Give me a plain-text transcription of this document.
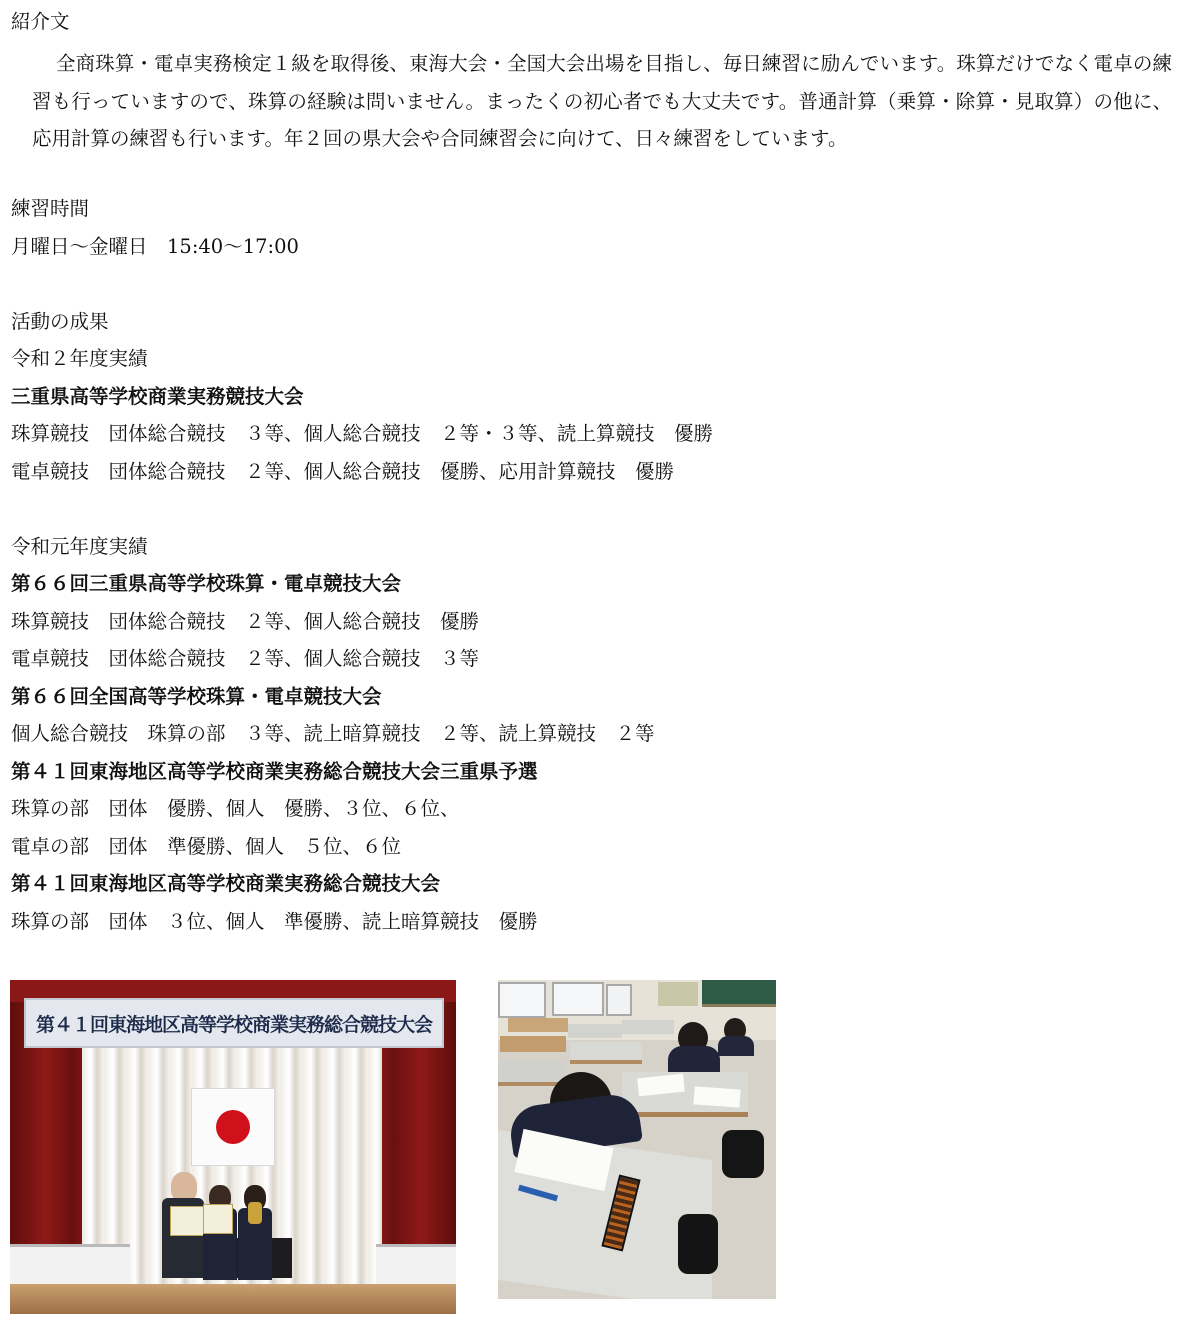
紹介文
全商珠算・電卓実務検定１級を取得後、東海大会・全国大会出場を目指し、毎日練習に励んでいます。珠算だけでなく電卓の練習も行っていますので、珠算の経験は問いません。まったくの初心者でも大丈夫です。普通計算（乗算・除算・見取算）の他に、応用計算の練習も行います。年２回の県大会や合同練習会に向けて、日々練習をしています。
練習時間
月曜日～金曜日　15:40～17:00
活動の成果
令和２年度実績
三重県高等学校商業実務競技大会
珠算競技　団体総合競技　３等、個人総合競技　２等・３等、読上算競技　優勝
電卓競技　団体総合競技　２等、個人総合競技　優勝、応用計算競技　優勝
令和元年度実績
第６６回三重県高等学校珠算・電卓競技大会
珠算競技　団体総合競技　２等、個人総合競技　優勝
電卓競技　団体総合競技　２等、個人総合競技　３等
第６６回全国高等学校珠算・電卓競技大会
個人総合競技　珠算の部　３等、読上暗算競技　２等、読上算競技　２等
第４１回東海地区高等学校商業実務総合競技大会三重県予選
珠算の部　団体　優勝、個人　優勝、３位、６位、
電卓の部　団体　準優勝、個人　５位、６位
第４１回東海地区高等学校商業実務総合競技大会
珠算の部　団体　３位、個人　準優勝、読上暗算競技　優勝
第４１回東海地区高等学校商業実務総合競技大会
